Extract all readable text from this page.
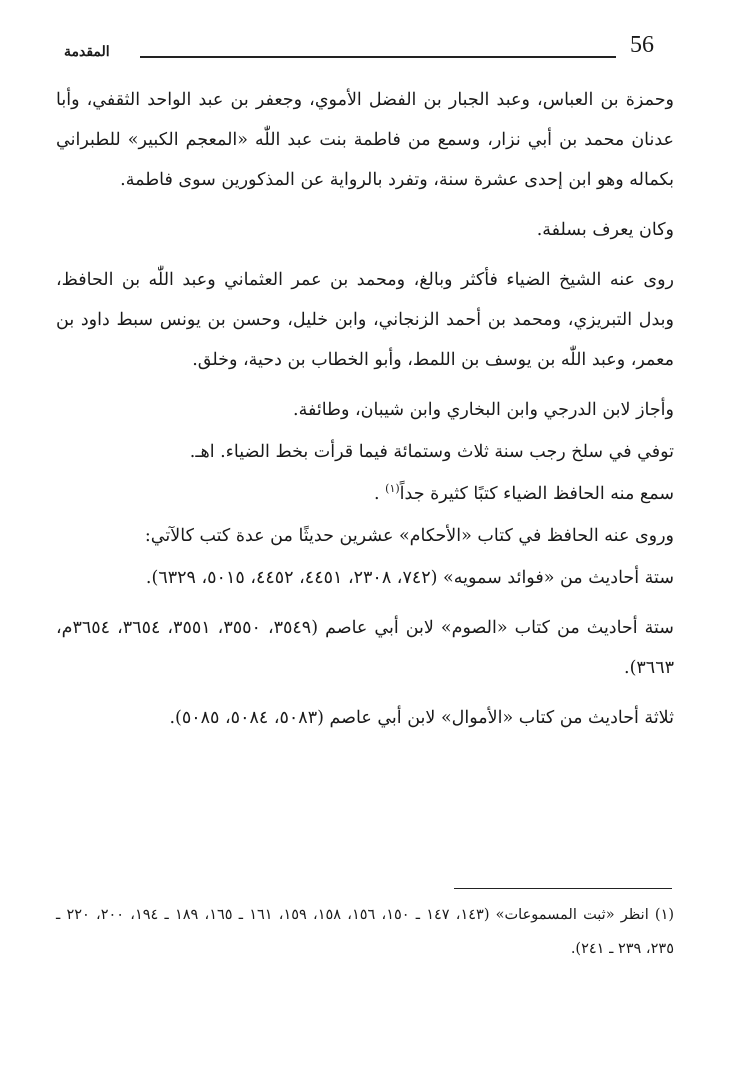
56
المقدمة

وحمزة بن العباس، وعبد الجبار بن الفضل الأموي، وجعفر بن عبد الواحد الثقفي، وأبا عدنان محمد بن أبي نزار، وسمع من فاطمة بنت عبد اللّٰه «المعجم الكبير» للطبراني بكماله وهو ابن إحدى عشرة سنة، وتفرد بالرواية عن المذكورين سوى فاطمة.

وكان يعرف بسلفة.

روى عنه الشيخ الضياء فأكثر وبالغ، ومحمد بن عمر العثماني وعبد اللّٰه بن الحافظ، وبدل التبريزي، ومحمد بن أحمد الزنجاني، وابن خليل، وحسن بن يونس سبط داود بن معمر، وعبد اللّٰه بن يوسف بن اللمط، وأبو الخطاب بن دحية، وخلق.

وأجاز لابن الدرجي وابن البخاري وابن شيبان، وطائفة.

توفي في سلخ رجب سنة ثلاث وستمائة فيما قرأت بخط الضياء. اهـ.

سمع منه الحافظ الضياء كتبًا كثيرة جداً$^{(١)}$ .

وروى عنه الحافظ في كتاب «الأحكام» عشرين حديثًا من عدة كتب كالآتي:

ستة أحاديث من «فوائد سمويه» (٧٤٢، ٢٣٠٨، ٤٤٥١، ٤٤٥٢، ٥٠١٥، ٦٣٢٩).

ستة أحاديث من كتاب «الصوم» لابن أبي عاصم (٣٥٤٩، ٣٥٥٠، ٣٥٥١، ٣٦٥٤، ٣٦٥٤م، ٣٦٦٣).

ثلاثة أحاديث من كتاب «الأموال» لابن أبي عاصم (٥٠٨٣، ٥٠٨٤، ٥٠٨٥).

(١) انظر «ثبت المسموعات» (١٤٣، ١٤٧ ـ ١٥٠، ١٥٦، ١٥٨، ١٥٩، ١٦١ ـ ١٦٥، ١٨٩ ـ ١٩٤، ٢٠٠، ٢٢٠ ـ ٢٣٥، ٢٣٩ ـ ٢٤١).
